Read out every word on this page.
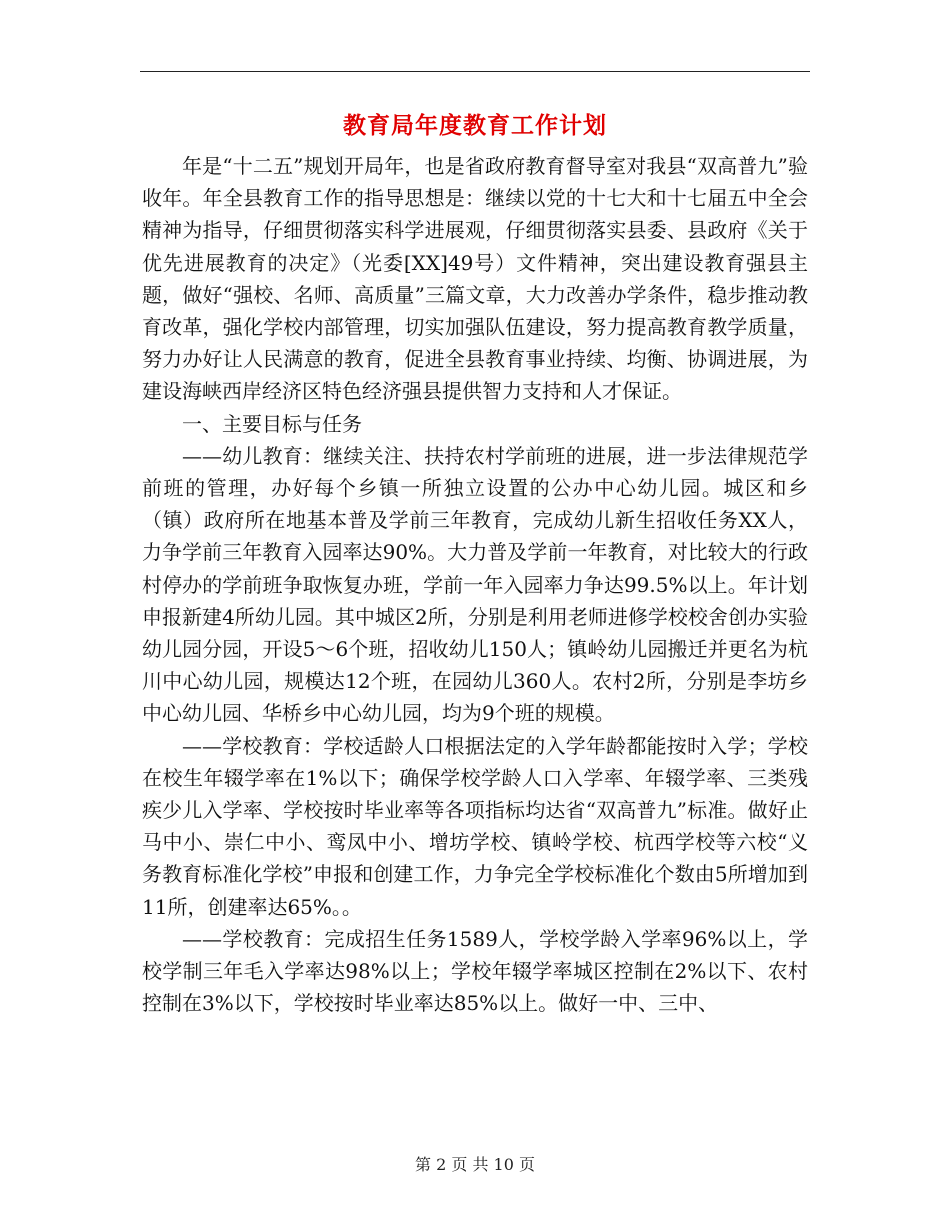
教育局年度教育工作计划

年是“十二五”规划开局年，也是省政府教育督导室对我县“双高普九”验收年。年全县教育工作的指导思想是：继续以党的十七大和十七届五中全会精神为指导，仔细贯彻落实科学进展观，仔细贯彻落实县委、县政府《关于优先进展教育的决定》（光委[XX]49号）文件精神，突出建设教育强县主题，做好“强校、名师、高质量”三篇文章，大力改善办学条件，稳步推动教育改革，强化学校内部管理，切实加强队伍建设，努力提高教育教学质量，努力办好让人民满意的教育，促进全县教育事业持续、均衡、协调进展，为建设海峡西岸经济区特色经济强县提供智力支持和人才保证。

一、主要目标与任务

——幼儿教育：继续关注、扶持农村学前班的进展，进一步法律规范学前班的管理，办好每个乡镇一所独立设置的公办中心幼儿园。城区和乡（镇）政府所在地基本普及学前三年教育，完成幼儿新生招收任务XX人，力争学前三年教育入园率达90%。大力普及学前一年教育，对比较大的行政村停办的学前班争取恢复办班，学前一年入园率力争达99.5%以上。年计划申报新建4所幼儿园。其中城区2所，分别是利用老师进修学校校舍创办实验幼儿园分园，开设5～6个班，招收幼儿150人；镇岭幼儿园搬迁并更名为杭川中心幼儿园，规模达12个班，在园幼儿360人。农村2所，分别是李坊乡中心幼儿园、华桥乡中心幼儿园，均为9个班的规模。

——学校教育：学校适龄人口根据法定的入学年龄都能按时入学；学校在校生年辍学率在1%以下；确保学校学龄人口入学率、年辍学率、三类残疾少儿入学率、学校按时毕业率等各项指标均达省“双高普九”标准。做好止马中小、崇仁中小、鸾凤中小、增坊学校、镇岭学校、杭西学校等六校“义务教育标准化学校”申报和创建工作，力争完全学校标准化个数由5所增加到11所，创建率达65%。。

——学校教育：完成招生任务1589人，学校学龄入学率96%以上，学校学制三年毛入学率达98%以上；学校年辍学率城区控制在2%以下、农村控制在3%以下，学校按时毕业率达85%以上。做好一中、三中、

第 2 页 共 10 页
